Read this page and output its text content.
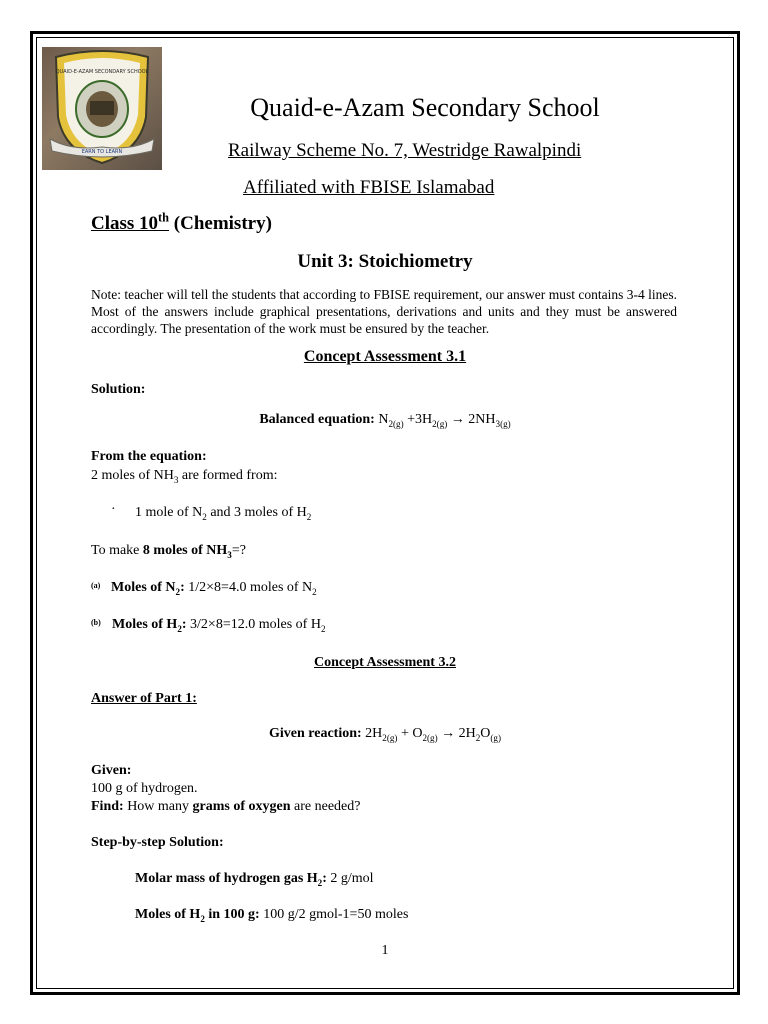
QUAID-E-AZAM SECONDARY SCHOOL
EARN TO LEARN
Quaid-e-Azam Secondary School
Railway Scheme No. 7, Westridge Rawalpindi
Affiliated with FBISE Islamabad
Class 10th (Chemistry)
Unit 3: Stoichiometry
Note: teacher will tell the students that according to FBISE requirement, our answer must contains 3-4 lines. Most of the answers include graphical presentations, derivations and units and they must be answered accordingly. The presentation of the work must be ensured by the teacher.
Concept Assessment 3.1
Solution:
Balanced equation: $N_{2(g)} +3H_{2(g)} \to 2NH_{3(g)}$
From the equation:
2 moles of $NH_3$ are formed from:
· 1 mole of $N_2$ and 3 moles of $H_2$
To make 8 moles of $NH_3=$?
(a) Moles of $N_2$: 1/2×8=4.0 moles of $N_2$
(b) Moles of $H_2$: 3/2×8=12.0 moles of $H_2$
Concept Assessment 3.2
Answer of Part 1:
Given reaction: $2H_{2(g)} + O_{2(g)} \to 2H_2O_{(g)}$
Given:
100 g of hydrogen.
Find: How many grams of oxygen are needed?
Step-by-step Solution:
Molar mass of hydrogen gas $H_2$: 2 g/mol
Moles of $H_2$ in 100 g: 100 g/2 gmol-1=50 moles
1
